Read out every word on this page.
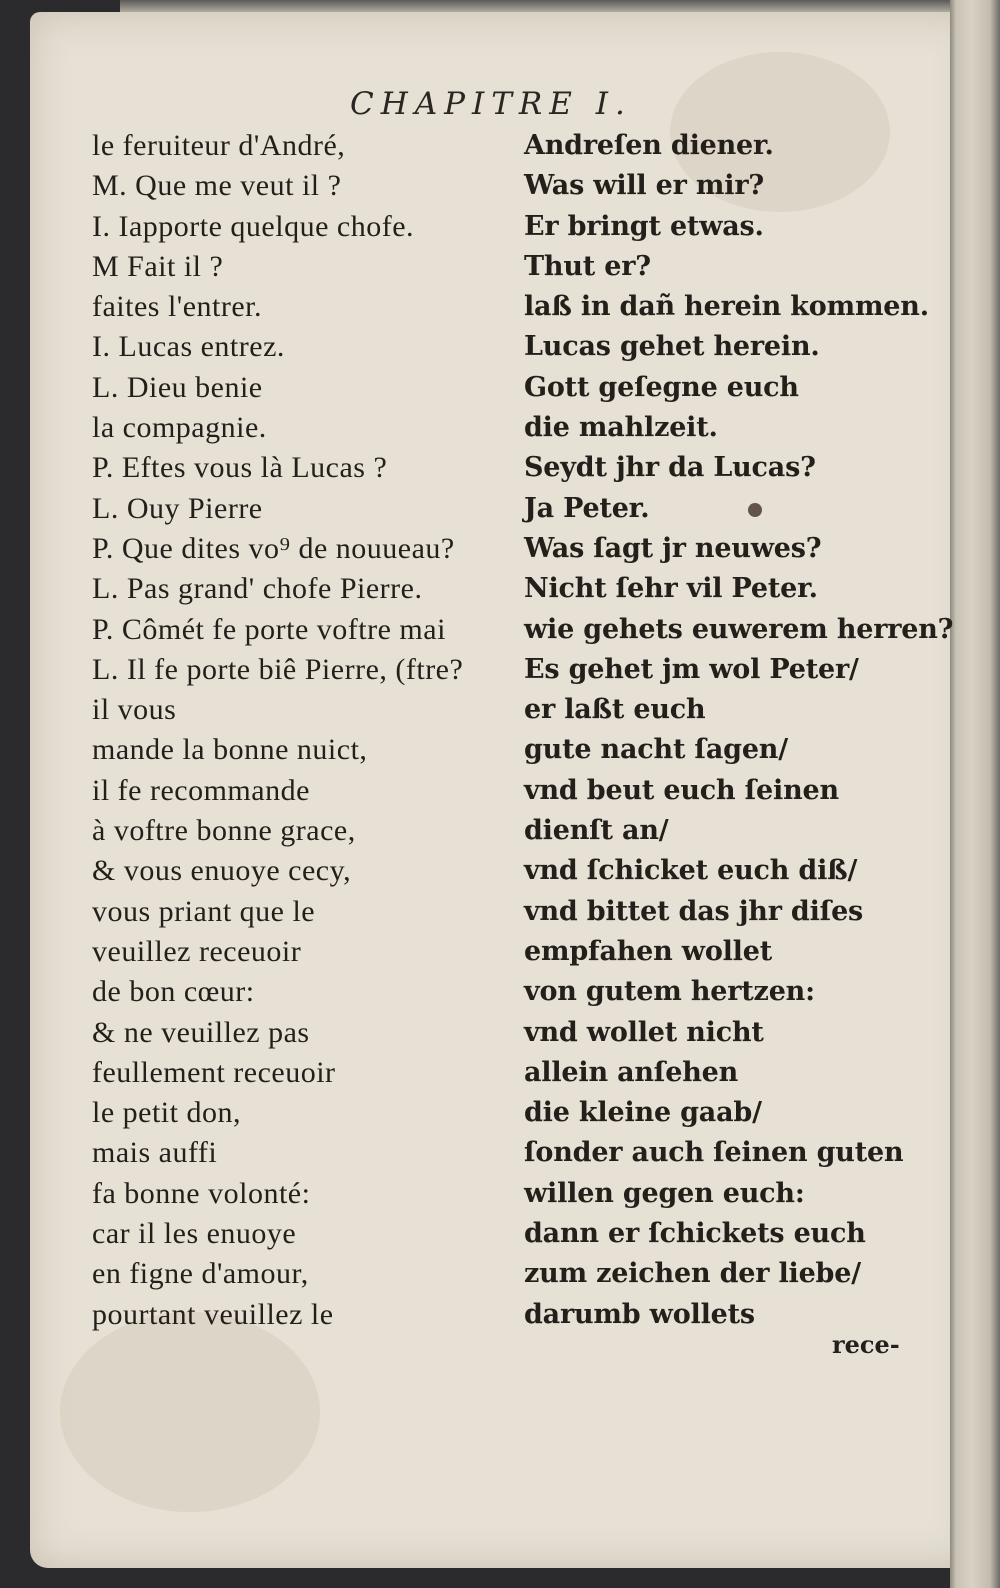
CHAPITRE I.
le feruiteur d'André,
M. Que me veut il ?
I. Iapporte quelque chofe.
M Fait il ?
faites l'entrer.
I. Lucas entrez.
L. Dieu benie
la compagnie.
P. Eftes vous là Lucas ?
L. Ouy Pierre
P. Que dites vo⁹ de nouueau?
L. Pas grand' chofe Pierre.
P. Cômét fe porte voftre mai
L. Il fe porte biê Pierre, (ftre?
il vous
mande la bonne nuict,
il fe recommande
à voftre bonne grace,
& vous enuoye cecy,
vous priant que le
veuillez receuoir
de bon cœur:
& ne veuillez pas
feullement receuoir
le petit don,
mais auffi
fa bonne volonté:
car il les enuoye
en figne d'amour,
pourtant veuillez le
Andreſen diener.
Was will er mir?
Er bringt etwas.
Thut er?
laß in dañ herein kommen.
Lucas gehet herein.
Gott geſegne euch
die mahlzeit.
Seydt jhr da Lucas?
Ja Peter.
Was ſagt jr neuwes?
Nicht ſehr vil Peter.
wie gehets euwerem herren?
Es gehet jm wol Peter/
er laßt euch
gute nacht ſagen/
vnd beut euch ſeinen
dienſt an/
vnd ſchicket euch diß/
vnd bittet das jhr diſes
empfahen wollet
von gutem hertzen:
vnd wollet nicht
allein anſehen
die kleine gaab/
ſonder auch ſeinen guten
willen gegen euch:
dann er ſchickets euch
zum zeichen der liebe/
darumb wollets
rece-
